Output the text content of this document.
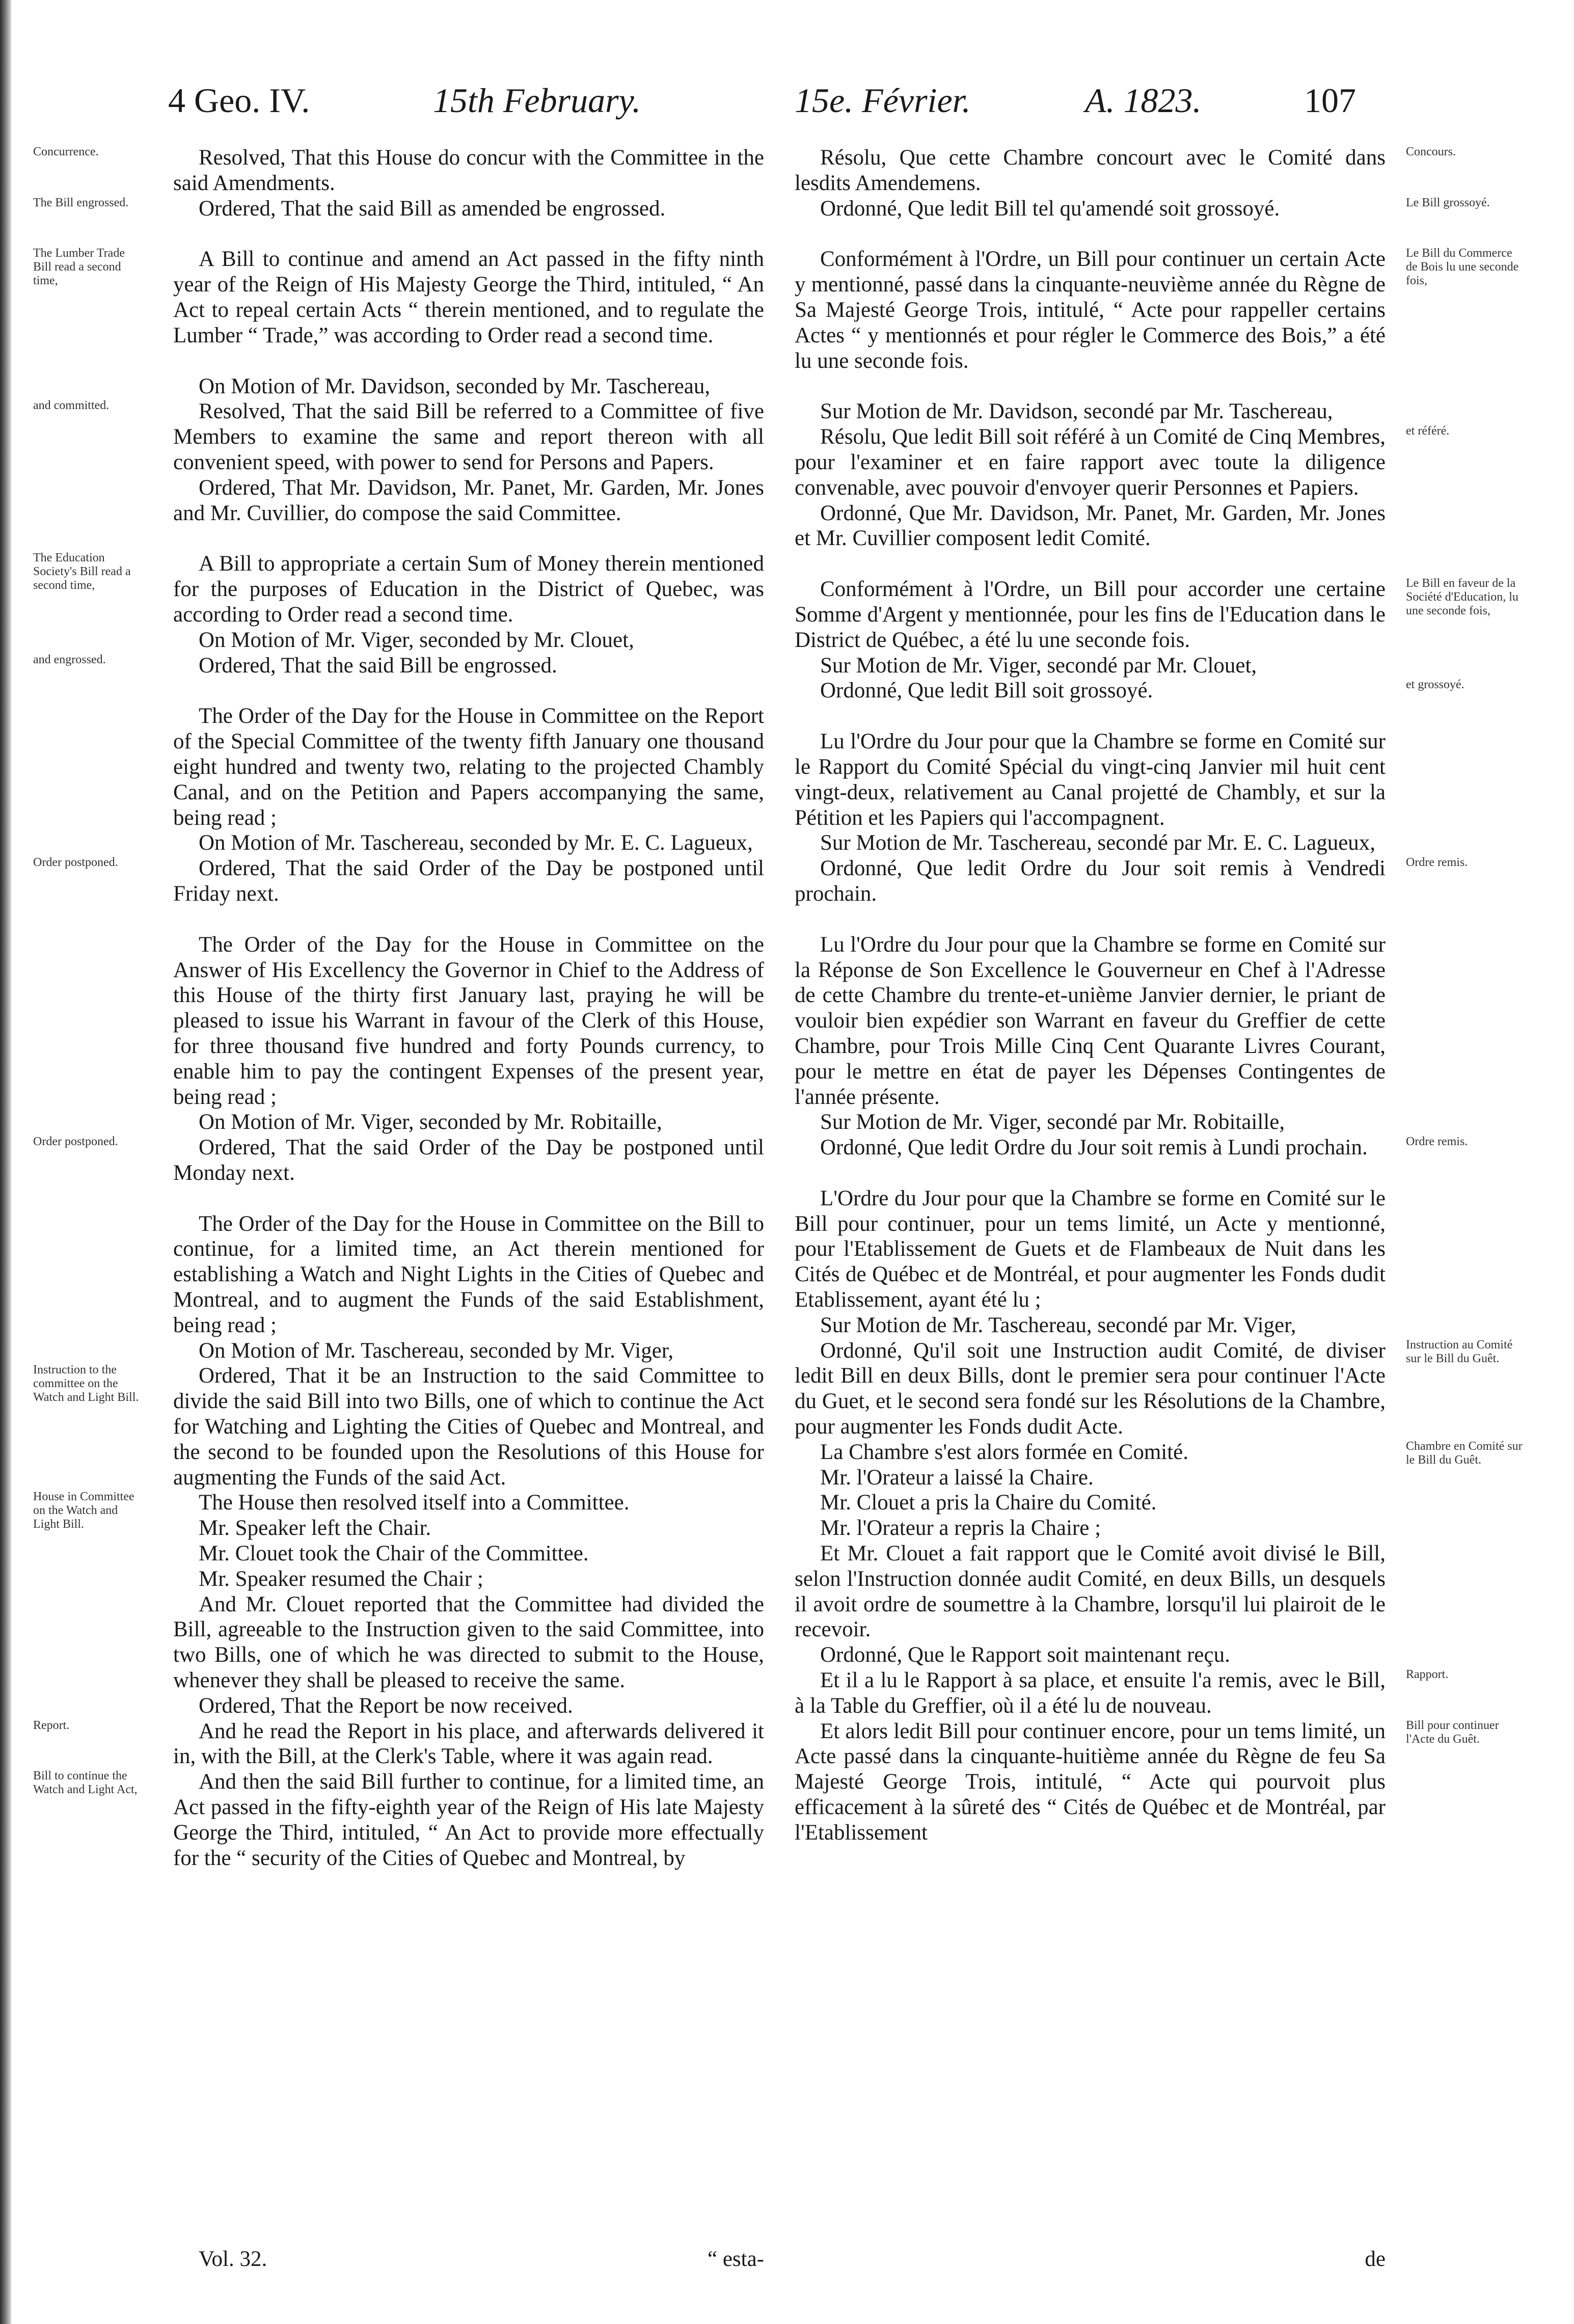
4 Geo. IV.	15th February.	15e. Février.	A. 1823.	107
Concurrence.	Resolved, That this House do concur with the Committee in the said Amendments.

The Bill engrossed.	Ordered, That the said Bill as amended be engrossed.

The Lumber Trade Bill read a second time,

A Bill to continue and amend an Act passed in the fifty ninth year of the Reign of His Majesty George the Third, intituled, “ An Act to repeal certain Acts “ therein mentioned, and to regulate the Lumber “ Trade,” was according to Order read a second time.

On Motion of Mr. Davidson, seconded by Mr. Taschereau,

and committed.	Resolved, That the said Bill be referred to a Committee of five Members to examine the same and report thereon with all convenient speed, with power to send for Persons and Papers.

Ordered, That Mr. Davidson, Mr. Panet, Mr. Garden, Mr. Jones and Mr. Cuvillier, do compose the said Committee.

The Education Society's Bill read a second time,

A Bill to appropriate a certain Sum of Money therein mentioned for the purposes of Education in the District of Quebec, was according to Order read a second time.

On Motion of Mr. Viger, seconded by Mr. Clouet,

and engrossed.	Ordered, That the said Bill be engrossed.

The Order of the Day for the House in Committee on the Report of the Special Committee of the twenty fifth January one thousand eight hundred and twenty two, relating to the projected Chambly Canal, and on the Petition and Papers accompanying the same, being read ;

On Motion of Mr. Taschereau, seconded by Mr. E. C. Lagueux,

Order postponed.	Ordered, That the said Order of the Day be postponed until Friday next.

The Order of the Day for the House in Committee on the Answer of His Excellency the Governor in Chief to the Address of this House of the thirty first January last, praying he will be pleased to issue his Warrant in favour of the Clerk of this House, for three thousand five hundred and forty Pounds currency, to enable him to pay the contingent Expenses of the present year, being read ;

On Motion of Mr. Viger, seconded by Mr. Robitaille,

Order postponed.	Ordered, That the said Order of the Day be postponed until Monday next.

The Order of the Day for the House in Committee on the Bill to continue, for a limited time, an Act therein mentioned for establishing a Watch and Night Lights in the Cities of Quebec and Montreal, and to augment the Funds of the said Establishment, being read ;

On Motion of Mr. Taschereau, seconded by Mr. Viger,

Instruction to the committee on the Watch and Light Bill.

Ordered, That it be an Instruction to the said Committee to divide the said Bill into two Bills, one of which to continue the Act for Watching and Lighting the Cities of Quebec and Montreal, and the second to be founded upon the Resolutions of this House for augmenting the Funds of the said Act.

House in Committee on the Watch and Light Bill.

The House then resolved itself into a Committee.

Mr. Speaker left the Chair.

Mr. Clouet took the Chair of the Committee.

Mr. Speaker resumed the Chair ;

And Mr. Clouet reported that the Committee had divided the Bill, agreeable to the Instruction given to the said Committee, into two Bills, one of which he was directed to submit to the House, whenever they shall be pleased to receive the same.

Ordered, That the Report be now received.

Report.	And he read the Report in his place, and afterwards delivered it in, with the Bill, at the Clerk's Table, where it was again read.

Bill to continue the Watch and Light Act,	And then the said Bill further to continue, for a limited time, an Act passed in the fifty-eighth year of the Reign of His late Majesty George the Third, intituled, “ An Act to provide more effectually for the “ security of the Cities of Quebec and Montreal, by

Concours.

Résolu, Que cette Chambre concourt avec le Comité dans lesdits Amendemens.

Le Bill grossoyé.

Ordonné, Que ledit Bill tel qu'amendé soit grossoyé.

Le Bill du Commerce de Bois lu une seconde fois,

Conformément à l'Ordre, un Bill pour continuer un certain Acte y mentionné, passé dans la cinquante-neuvième année du Règne de Sa Majesté George Trois, intitulé, “ Acte pour rappeller certains Actes “ y mentionnés et pour régler le Commerce des Bois,” a été lu une seconde fois.

Sur Motion de Mr. Davidson, secondé par Mr. Taschereau,

et référé.

Résolu, Que ledit Bill soit référé à un Comité de Cinq Membres, pour l'examiner et en faire rapport avec toute la diligence convenable, avec pouvoir d'envoyer querir Personnes et Papiers.

Ordonné, Que Mr. Davidson, Mr. Panet, Mr. Garden, Mr. Jones et Mr. Cuvillier composent ledit Comité.

Le Bill en faveur de la Société d'Education, lu une seconde fois,

Conformément à l'Ordre, un Bill pour accorder une certaine Somme d'Argent y mentionnée, pour les fins de l'Education dans le District de Québec, a été lu une seconde fois.

Sur Motion de Mr. Viger, secondé par Mr. Clouet,

et grossoyé.

Ordonné, Que ledit Bill soit grossoyé.

Lu l'Ordre du Jour pour que la Chambre se forme en Comité sur le Rapport du Comité Spécial du vingt-cinq Janvier mil huit cent vingt-deux, relativement au Canal projetté de Chambly, et sur la Pétition et les Papiers qui l'accompagnent.

Sur Motion de Mr. Taschereau, secondé par Mr. E. C. Lagueux,

Ordre remis.

Ordonné, Que ledit Ordre du Jour soit remis à Vendredi prochain.

Lu l'Ordre du Jour pour que la Chambre se forme en Comité sur la Réponse de Son Excellence le Gouverneur en Chef à l'Adresse de cette Chambre du trente-et-unième Janvier dernier, le priant de vouloir bien expédier son Warrant en faveur du Greffier de cette Chambre, pour Trois Mille Cinq Cent Quarante Livres Courant, pour le mettre en état de payer les Dépenses Contingentes de l'année présente.

Sur Motion de Mr. Viger, secondé par Mr. Robitaille,

Ordre remis.

Ordonné, Que ledit Ordre du Jour soit remis à Lundi prochain.

L'Ordre du Jour pour que la Chambre se forme en Comité sur le Bill pour continuer, pour un tems limité, un Acte y mentionné, pour l'Etablissement de Guets et de Flambeaux de Nuit dans les Cités de Québec et de Montréal, et pour augmenter les Fonds dudit Etablissement, ayant été lu ;

Sur Motion de Mr. Taschereau, secondé par Mr. Viger,

Instruction au Comité sur le Bill du Guêt.

Ordonné, Qu'il soit une Instruction audit Comité, de diviser ledit Bill en deux Bills, dont le premier sera pour continuer l'Acte du Guet, et le second sera fondé sur les Résolutions de la Chambre, pour augmenter les Fonds dudit Acte.

Chambre en Comité sur le Bill du Guêt.

La Chambre s'est alors formée en Comité.

Mr. l'Orateur a laissé la Chaire.

Mr. Clouet a pris la Chaire du Comité.

Mr. l'Orateur a repris la Chaire ;

Et Mr. Clouet a fait rapport que le Comité avoit divisé le Bill, selon l'Instruction donnée audit Comité, en deux Bills, un desquels il avoit ordre de soumettre à la Chambre, lorsqu'il lui plairoit de le recevoir.

Ordonné, Que le Rapport soit maintenant reçu.

Rapport.

Et il a lu le Rapport à sa place, et ensuite l'a remis, avec le Bill, à la Table du Greffier, où il a été lu de nouveau.

Bill pour continuer l'Acte du Guêt.

Et alors ledit Bill pour continuer encore, pour un tems limité, un Acte passé dans la cinquante-huitième année du Règne de feu Sa Majesté George Trois, intitulé, “ Acte qui pourvoit plus efficacement à la sûreté des “ Cités de Québec et de Montréal, par l'Etablissement

Vol. 32.	“ esta-	de
